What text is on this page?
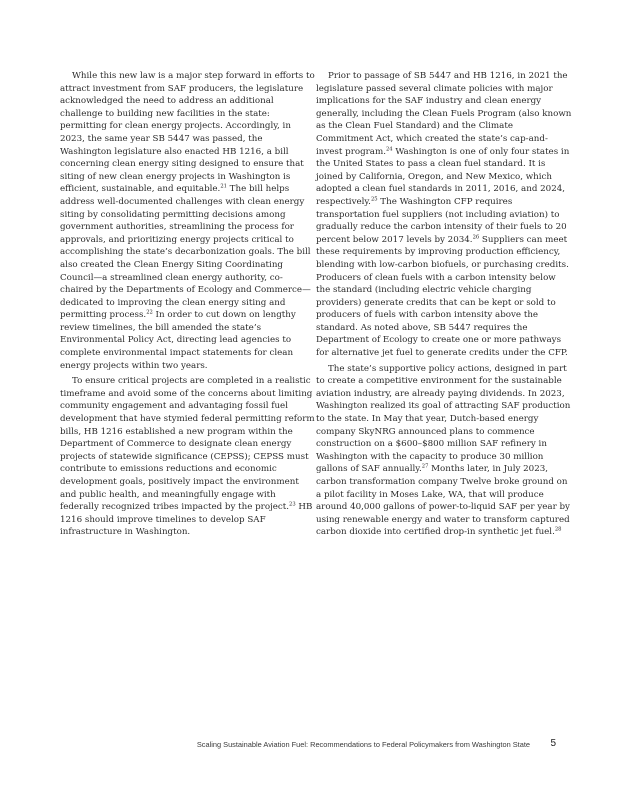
While this new law is a major step forward in efforts to attract investment from SAF producers, the legislature acknowledged the need to address an additional challenge to building new facilities in the state: permitting for clean energy projects. Accordingly, in 2023, the same year SB 5447 was passed, the Washington legislature also enacted HB 1216, a bill concerning clean energy siting designed to ensure that siting of new clean energy projects in Washington is efficient, sustainable, and equitable.$^{21}$ The bill helps address well-documented challenges with clean energy siting by consolidating permitting decisions among government authorities, streamlining the process for approvals, and prioritizing energy projects critical to accomplishing the state’s decarbonization goals. The bill also created the Clean Energy Siting Coordinating Council—a streamlined clean energy authority, co-chaired by the Departments of Ecology and Commerce—dedicated to improving the clean energy siting and permitting process.$^{22}$ In order to cut down on lengthy review timelines, the bill amended the state’s Environmental Policy Act, directing lead agencies to complete environmental impact statements for clean energy projects within two years.

To ensure critical projects are completed in a realistic timeframe and avoid some of the concerns about limiting community engagement and advantaging fossil fuel development that have stymied federal permitting reform bills, HB 1216 established a new program within the Department of Commerce to designate clean energy projects of statewide significance (CEPSS); CEPSS must contribute to emissions reductions and economic development goals, positively impact the environment and public health, and meaningfully engage with federally recognized tribes impacted by the project.$^{23}$ HB 1216 should improve timelines to develop SAF infrastructure in Washington.

Prior to passage of SB 5447 and HB 1216, in 2021 the legislature passed several climate policies with major implications for the SAF industry and clean energy generally, including the Clean Fuels Program (also known as the Clean Fuel Standard) and the Climate Commitment Act, which created the state’s cap-and-invest program.$^{24}$ Washington is one of only four states in the United States to pass a clean fuel standard. It is joined by California, Oregon, and New Mexico, which adopted a clean fuel standards in 2011, 2016, and 2024, respectively.$^{25}$ The Washington CFP requires transportation fuel suppliers (not including aviation) to gradually reduce the carbon intensity of their fuels to 20 percent below 2017 levels by 2034.26 Suppliers can meet these requirements by improving production efficiency, blending with low-carbon biofuels, or purchasing credits. Producers of clean fuels with a carbon intensity below the standard (including electric vehicle charging providers) generate credits that can be kept or sold to producers of fuels with carbon intensity above the standard. As noted above, SB 5447 requires the Department of Ecology to create one or more pathways for alternative jet fuel to generate credits under the CFP.

The state’s supportive policy actions, designed in part to create a competitive environment for the sustainable aviation industry, are already paying dividends. In 2023, Washington realized its goal of attracting SAF production to the state. In May that year, Dutch-based energy company SkyNRG announced plans to commence construction on a $600–$800 million SAF refinery in Washington with the capacity to produce 30 million gallons of SAF annually.$^{27}$ Months later, in July 2023, carbon transformation company Twelve broke ground on a pilot facility in Moses Lake, WA, that will produce around 40,000 gallons of power-to-liquid SAF per year by using renewable energy and water to transform captured carbon dioxide into certified drop-in synthetic jet fuel.$^{28}$

Scaling Sustainable Aviation Fuel: Recommendations to Federal Policymakers from Washington State 5
